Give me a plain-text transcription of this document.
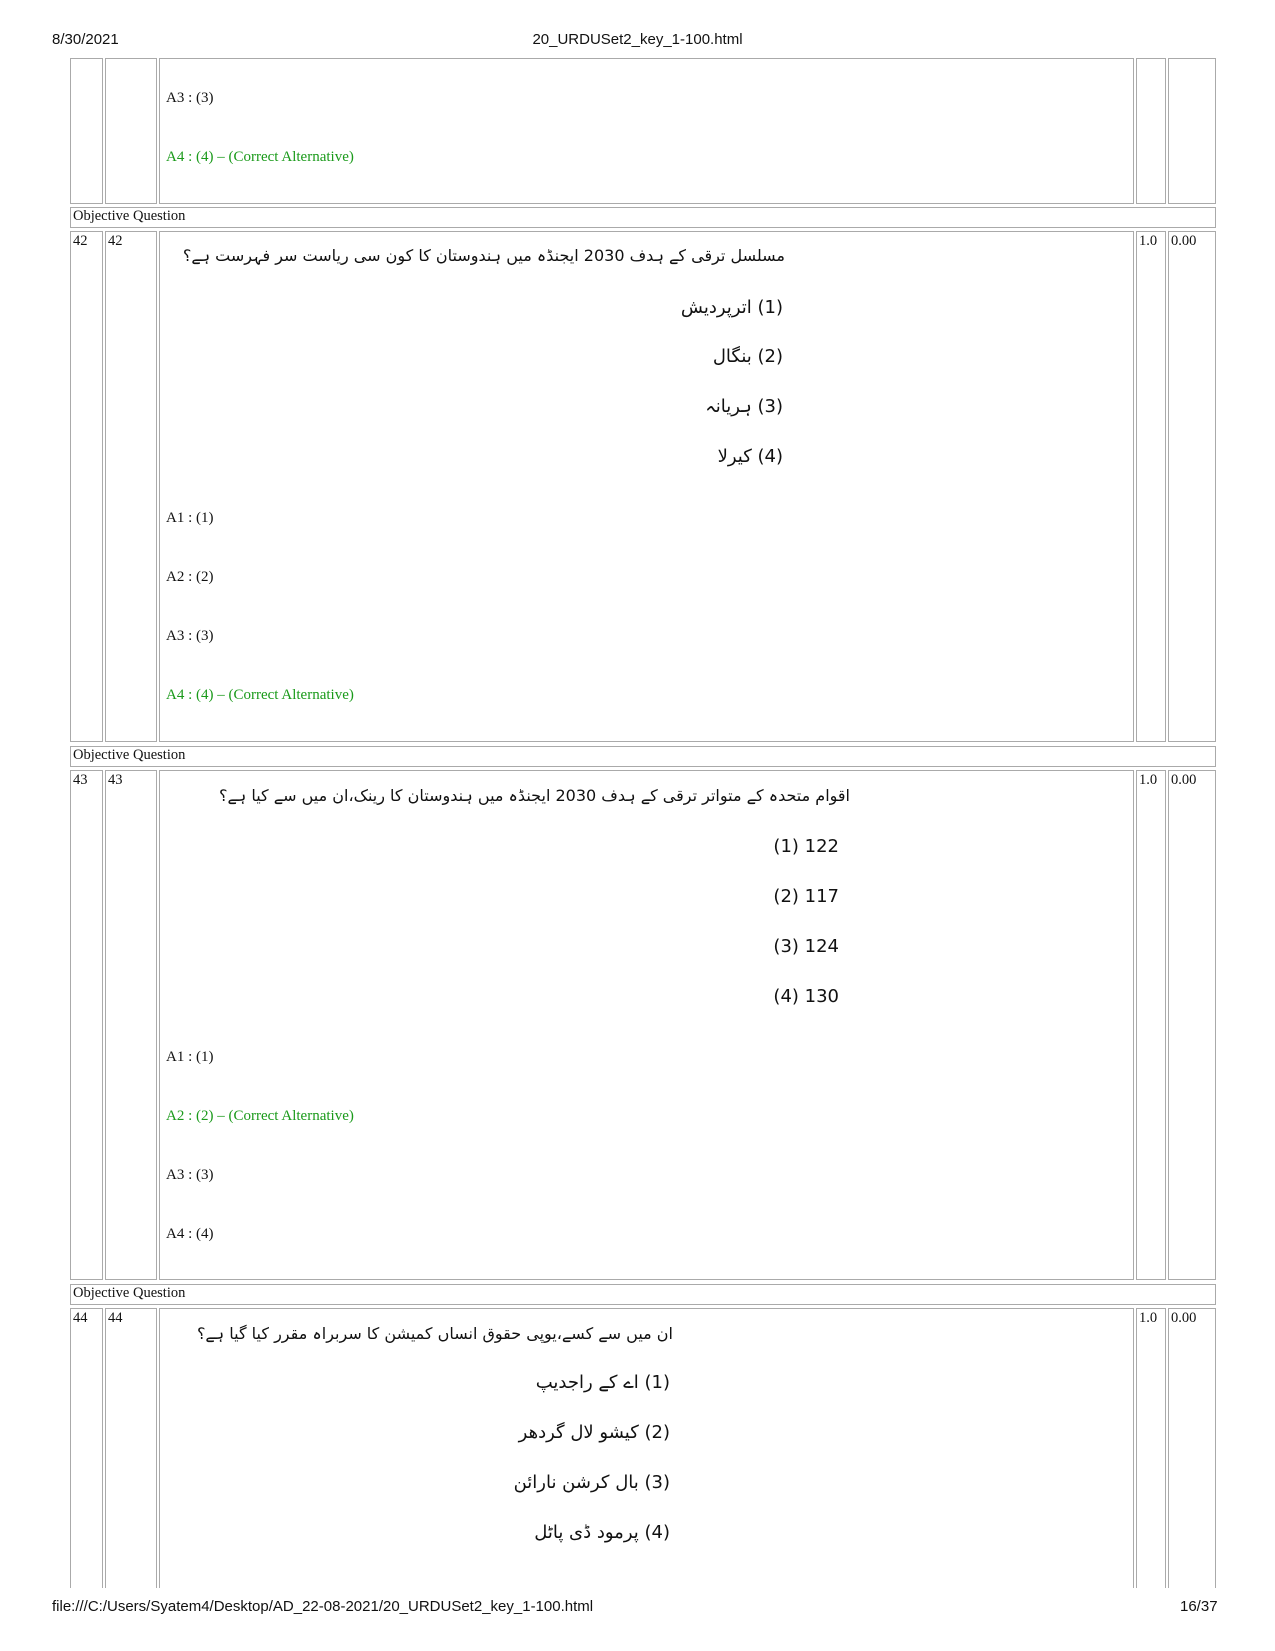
8/30/2021	20_URDUSet2_key_1-100.html
A3 : (3)
A4 : (4) – (Correct Alternative)
Objective Question
42 42	1.0 0.00
مسلسل ترقی کے ہدف 2030 ایجنڈہ میں ہندوستان کا کون سی ریاست سر فہرست ہے؟
(1) اترپردیش
(2) بنگال
(3) ہریانہ
(4) کیرلا
A1 : (1)
A2 : (2)
A3 : (3)
A4 : (4) – (Correct Alternative)
Objective Question
43 43	1.0 0.00
اقوام متحدہ کے متواتر ترقی کے ہدف 2030 ایجنڈہ میں ہندوستان کا رینک،ان میں سے کیا ہے؟
122 (1)
117 (2)
124 (3)
130 (4)
A1 : (1)
A2 : (2) – (Correct Alternative)
A3 : (3)
A4 : (4)
Objective Question
44 44	1.0 0.00
ان میں سے کسے،یوپی حقوق انساں کمیشن کا سربراہ مقرر کیا گیا ہے؟
(1) اے کے راجدیپ
(2) کیشو لال گردھر
(3) بال کرشن نارائن
(4) پرمود ڈی پاٹل
file:///C:/Users/Syatem4/Desktop/AD_22-08-2021/20_URDUSet2_key_1-100.html	16/37
